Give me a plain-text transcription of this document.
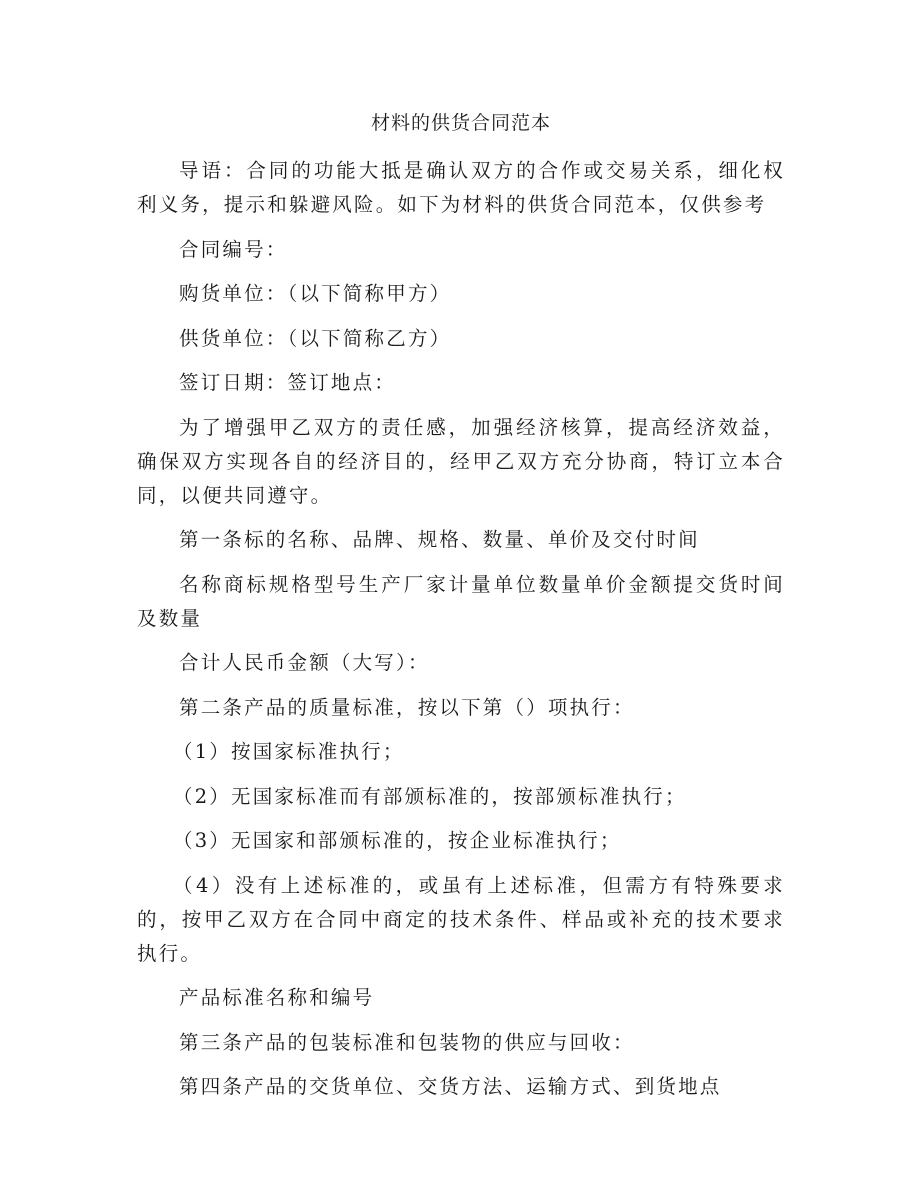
材料的供货合同范本

导语：合同的功能大抵是确认双方的合作或交易关系，细化权利义务，提示和躲避风险。如下为材料的供货合同范本，仅供参考

合同编号：

购货单位：（以下简称甲方）

供货单位：（以下简称乙方）

签订日期：签订地点：

为了增强甲乙双方的责任感，加强经济核算，提高经济效益，确保双方实现各自的经济目的，经甲乙双方充分协商，特订立本合同，以便共同遵守。

第一条标的名称、品牌、规格、数量、单价及交付时间

名称商标规格型号生产厂家计量单位数量单价金额提交货时间及数量

合计人民币金额（大写）：

第二条产品的质量标准，按以下第（）项执行：

（1）按国家标准执行；

（2）无国家标准而有部颁标准的，按部颁标准执行；

（3）无国家和部颁标准的，按企业标准执行；

（4）没有上述标准的，或虽有上述标准，但需方有特殊要求的，按甲乙双方在合同中商定的技术条件、样品或补充的技术要求执行。

产品标准名称和编号

第三条产品的包装标准和包装物的供应与回收：

第四条产品的交货单位、交货方法、运输方式、到货地点
